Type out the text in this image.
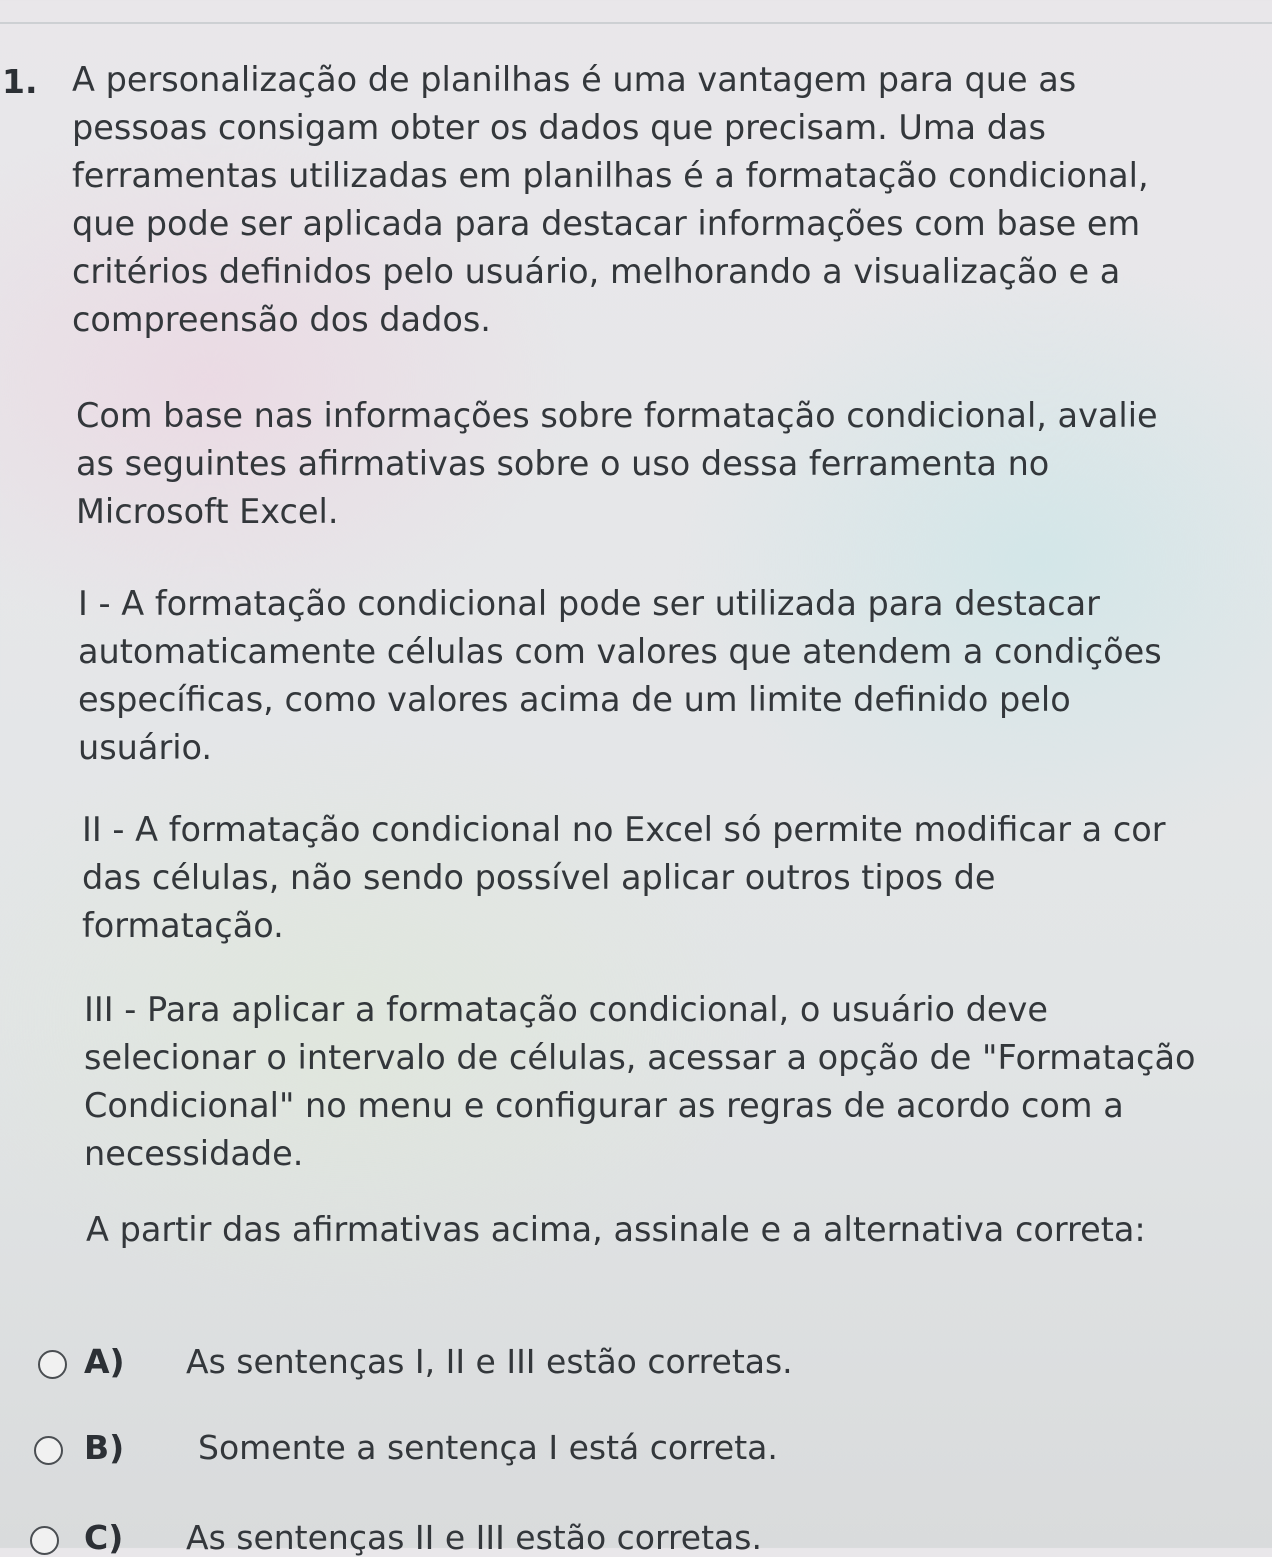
1. A personalização de planilhas é uma vantagem para que as
pessoas consigam obter os dados que precisam. Uma das
ferramentas utilizadas em planilhas é a formatação condicional,
que pode ser aplicada para destacar informações com base em
critérios definidos pelo usuário, melhorando a visualização e a
compreensão dos dados.
Com base nas informações sobre formatação condicional, avalie
as seguintes afirmativas sobre o uso dessa ferramenta no
Microsoft Excel.
I - A formatação condicional pode ser utilizada para destacar
automaticamente células com valores que atendem a condições
específicas, como valores acima de um limite definido pelo
usuário.
II - A formatação condicional no Excel só permite modificar a cor
das células, não sendo possível aplicar outros tipos de
formatação.
III - Para aplicar a formatação condicional, o usuário deve
selecionar o intervalo de células, acessar a opção de "Formatação
Condicional" no menu e configurar as regras de acordo com a
necessidade.
A partir das afirmativas acima, assinale e a alternativa correta:
A) As sentenças I, II e III estão corretas.
B) Somente a sentença I está correta.
C) As sentenças II e III estão corretas.
